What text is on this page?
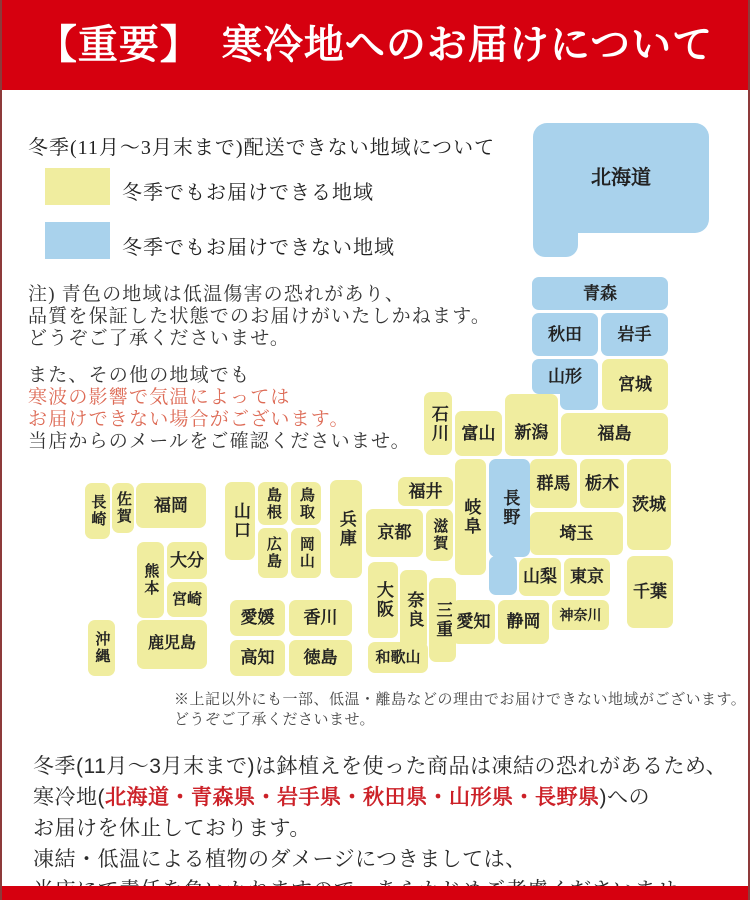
【重要】　寒冷地へのお届けについて
冬季(11月〜3月末まで)配送できない地域について
冬季でもお届けできる地域
冬季でもお届けできない地域
注) 青色の地域は低温傷害の恐れがあり、
品質を保証した状態でのお届けがいたしかねます。
どうぞご了承くださいませ。
また、その他の地域でも
寒波の影響で気温によっては
お届けできない場合がございます。
当店からのメールをご確認くださいませ。
北海道
青森
秋田 岩手
山形 宮城
新潟
石川 富山	福島
群馬 栃木
茨城
長野
岐阜
福井
滋賀
京都
兵庫
大阪 奈良 三重
和歌山
山梨 東京
神奈川
静岡
愛知
千葉
埼玉
山口 島根
広島
鳥取
岡山
愛媛 香川
高知 徳島
長崎 佐賀 福岡
熊本
大分
宮崎
鹿児島
沖縄
※上記以外にも一部、低温・離島などの理由でお届けできない地域がございます。
どうぞご了承くださいませ。
冬季(11月〜3月末まで)は鉢植えを使った商品は凍結の恐れがあるため、
寒冷地(北海道・青森県・岩手県・秋田県・山形県・長野県)への
お届けを休止しております。
凍結・低温による植物のダメージにつきましては、
